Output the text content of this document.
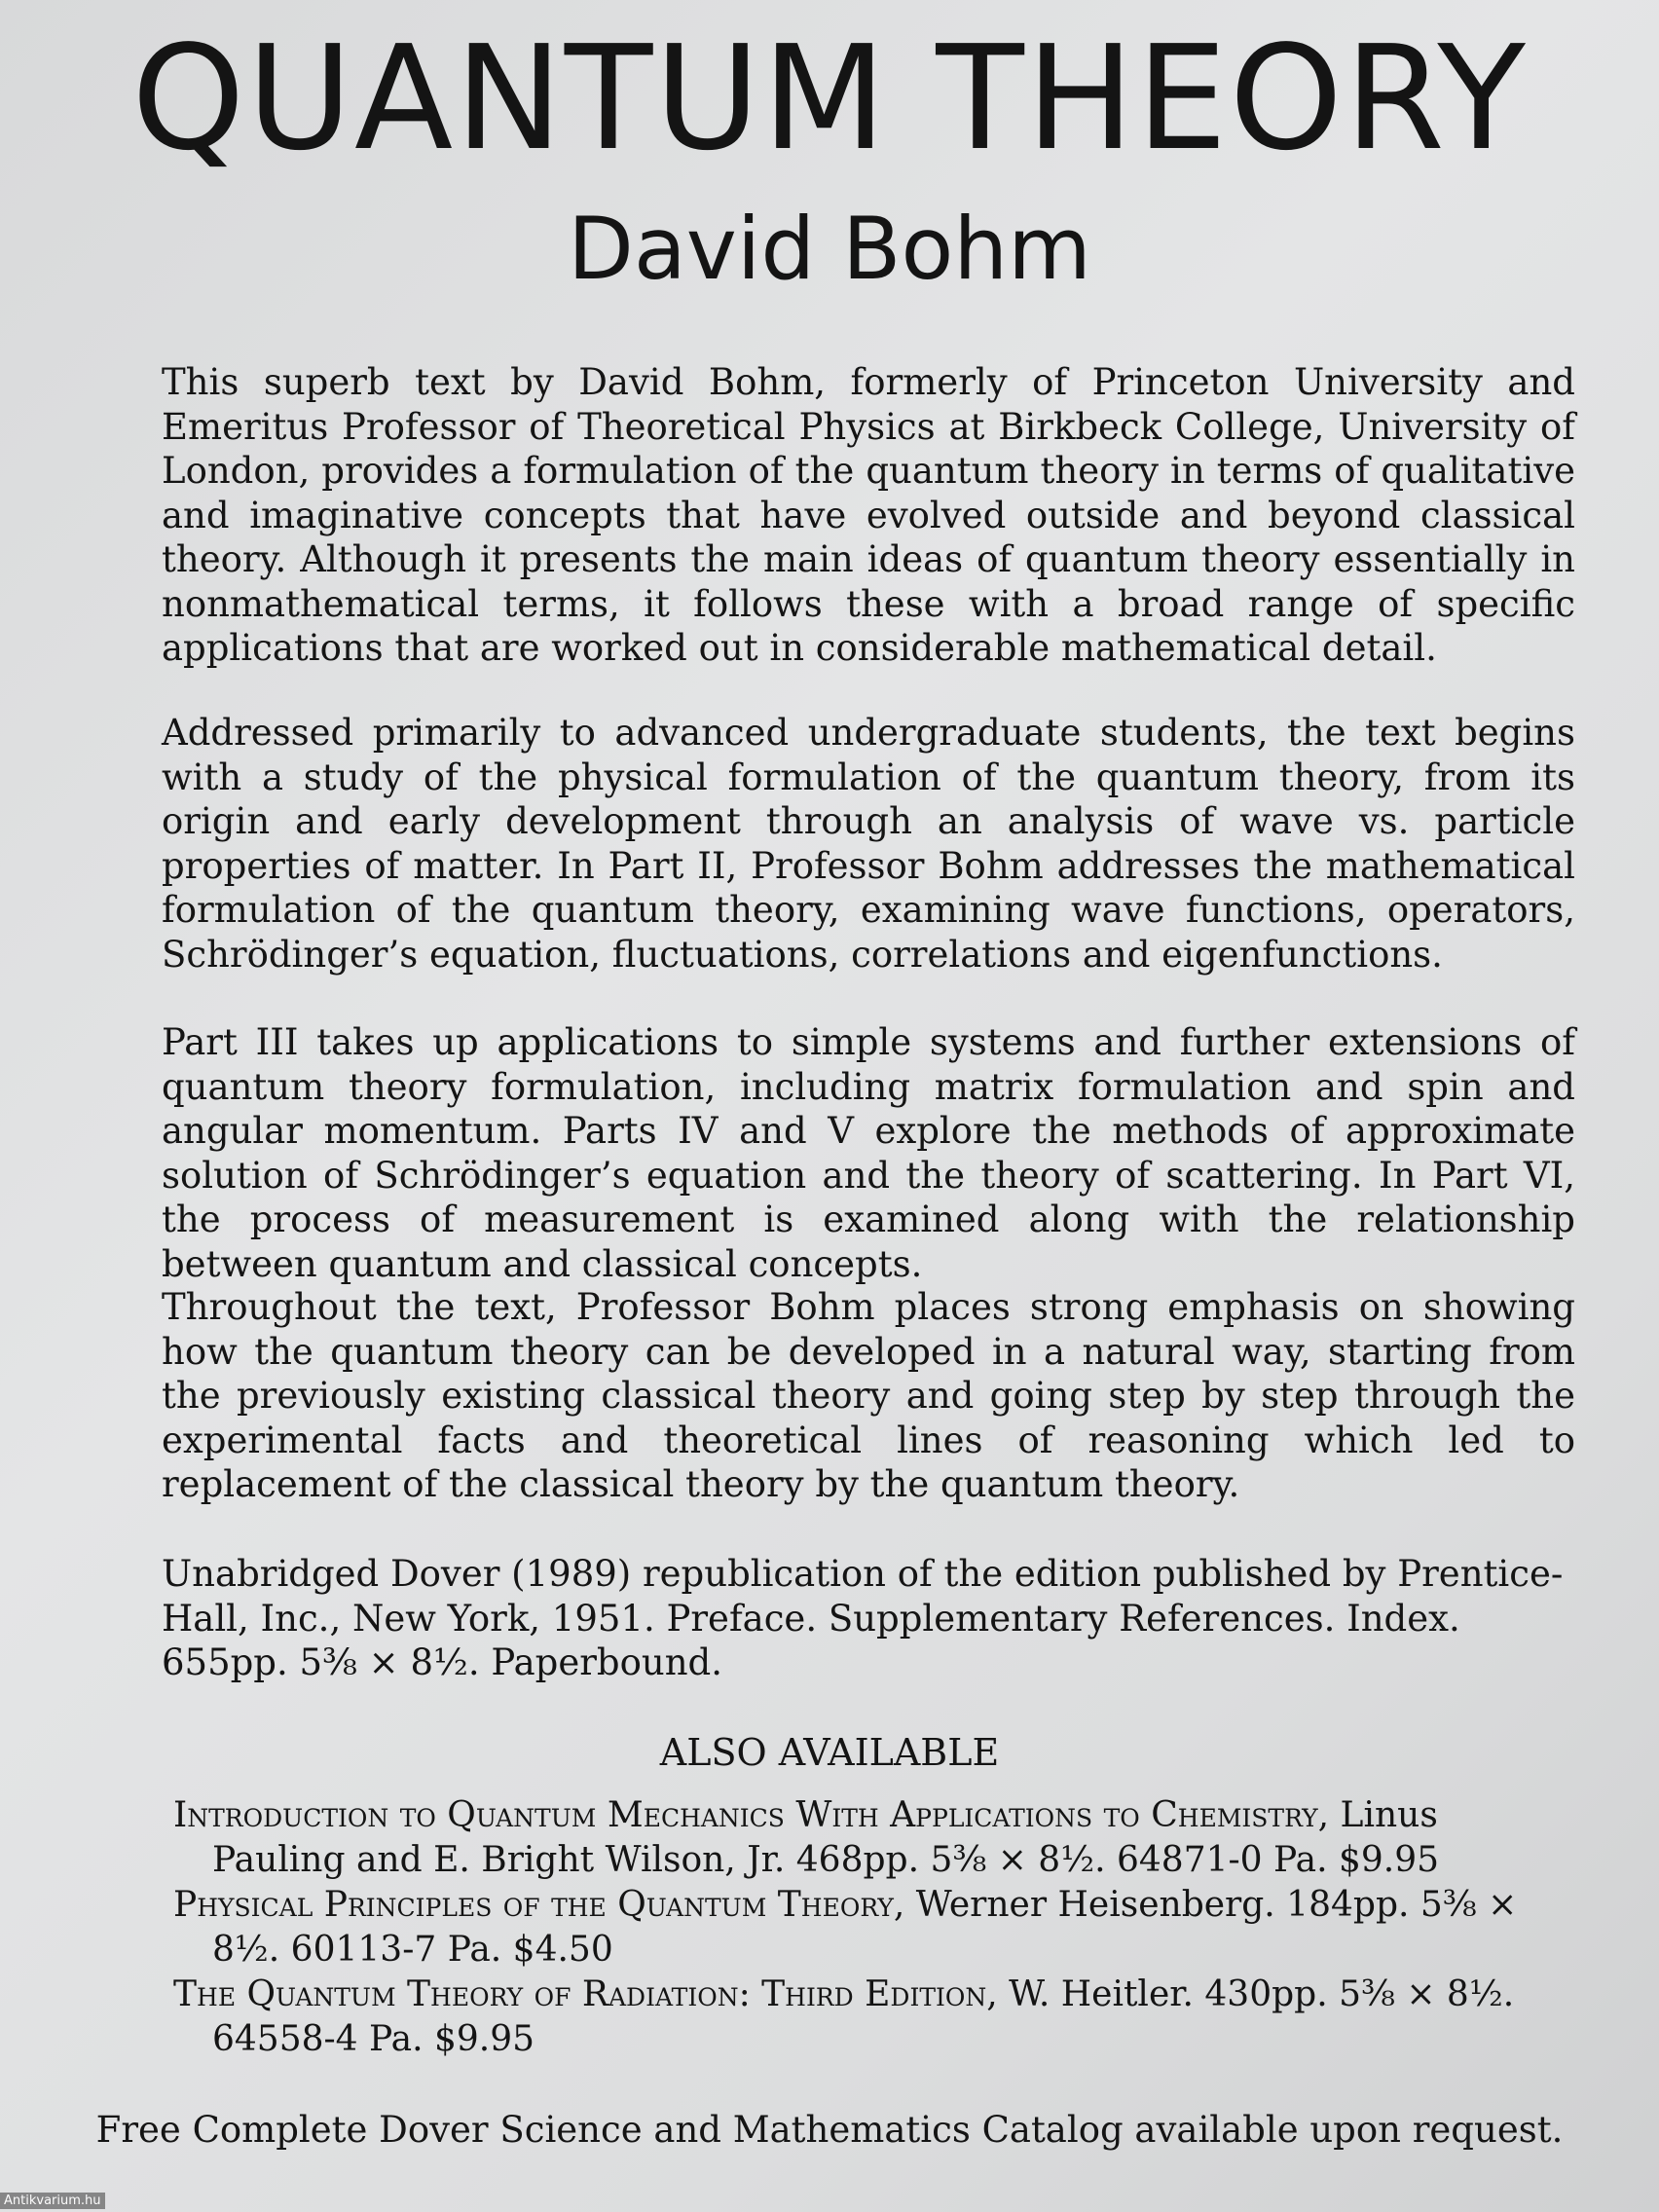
QUANTUM THEORY
David Bohm

This superb text by David Bohm, formerly of Princeton University and Emeritus Professor of Theoretical Physics at Birkbeck College, University of London, provides a formulation of the quantum theory in terms of qualitative and imaginative concepts that have evolved outside and beyond classical theory. Although it presents the main ideas of quantum theory essentially in nonmathematical terms, it follows these with a broad range of specific applications that are worked out in considerable mathematical detail.

Addressed primarily to advanced undergraduate students, the text begins with a study of the physical formulation of the quantum theory, from its origin and early development through an analysis of wave vs. particle properties of matter. In Part II, Professor Bohm addresses the mathematical formulation of the quantum theory, examining wave functions, operators, Schrödinger’s equation, fluctuations, correlations and eigenfunctions.

Part III takes up applications to simple systems and further extensions of quantum theory formulation, including matrix formulation and spin and angular momentum. Parts IV and V explore the methods of approximate solution of Schrödinger’s equation and the theory of scattering. In Part VI, the process of measurement is examined along with the relationship between quantum and classical concepts.

Throughout the text, Professor Bohm places strong emphasis on showing how the quantum theory can be developed in a natural way, starting from the previously existing classical theory and going step by step through the experimental facts and theoretical lines of reasoning which led to replacement of the classical theory by the quantum theory.

Unabridged Dover (1989) republication of the edition published by Prentice-Hall, Inc., New York, 1951. Preface. Supplementary References. Index. 655pp. 5⅜ × 8½. Paperbound.

ALSO AVAILABLE
Introduction to Quantum Mechanics With Applications to Chemistry, Linus Pauling and E. Bright Wilson, Jr. 468pp. 5⅜ × 8½. 64871-0 Pa. $9.95
Physical Principles of the Quantum Theory, Werner Heisenberg. 184pp. 5⅜ × 8½. 60113-7 Pa. $4.50
The Quantum Theory of Radiation: Third Edition, W. Heitler. 430pp. 5⅜ × 8½. 64558-4 Pa. $9.95
Free Complete Dover Science and Mathematics Catalog available upon request.
Antikvarium.hu
